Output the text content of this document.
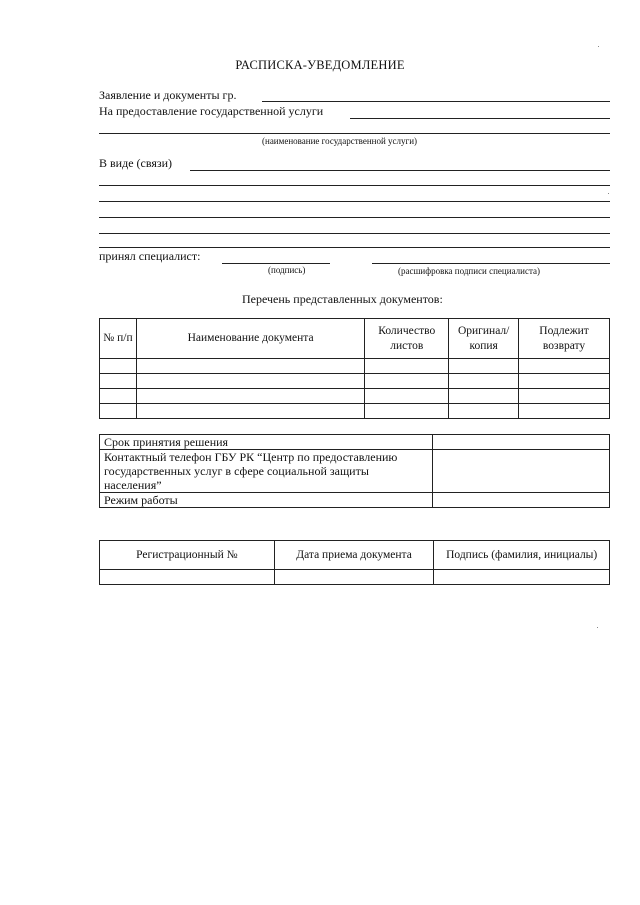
РАСПИСКА-УВЕДОМЛЕНИЕ
Заявление и документы гр.
На предоставление государственной услуги
(наименование государственной услуги)
В виде (связи)
принял специалист:
(подпись)	(расшифровка подписи специалиста)
Перечень представленных документов:
№ п/п	Наименование документа	Количество листов	Оригинал/ копия	Подлежит возврату

Срок принятия решения	
Контактный телефон ГБУ РК “Центр по предоставлению государственных услуг в сфере социальной защиты населения”	
Режим работы	
Регистрационный №	Дата приема документа	Подпись (фамилия, инициалы)
